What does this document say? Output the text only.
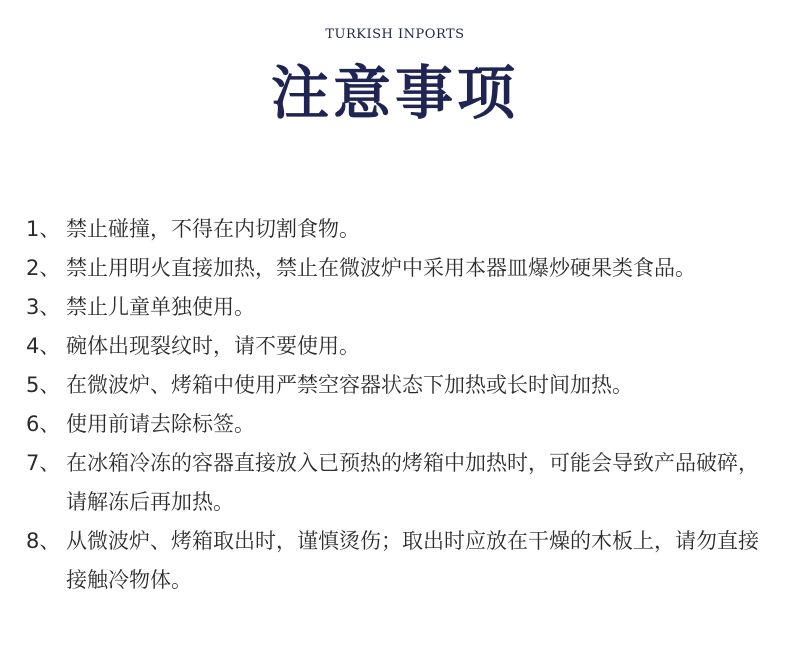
TURKISH INPORTS
注意事项
1、 禁止碰撞，不得在内切割食物。
2、 禁止用明火直接加热，禁止在微波炉中采用本器皿爆炒硬果类食品。
3、 禁止儿童单独使用。
4、 碗体出现裂纹时，请不要使用。
5、 在微波炉、烤箱中使用严禁空容器状态下加热或长时间加热。
6、 使用前请去除标签。
7、 在冰箱冷冻的容器直接放入已预热的烤箱中加热时，可能会导致产品破碎，请解冻后再加热。
8、 从微波炉、烤箱取出时，谨慎烫伤；取出时应放在干燥的木板上，请勿直接接触冷物体。
